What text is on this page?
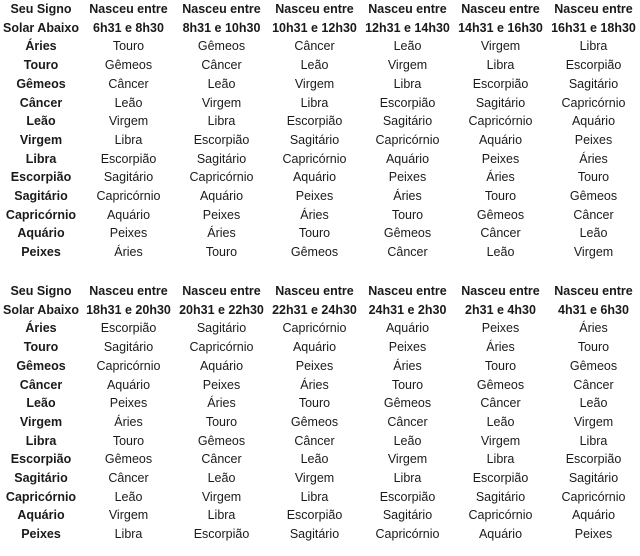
Seu Signo	Nasceu entre	Nasceu entre	Nasceu entre	Nasceu entre	Nasceu entre	Nasceu entre
Solar Abaixo	6h31 e 8h30	8h31 e 10h30	10h31 e 12h30	12h31 e 14h30	14h31 e 16h30	16h31 e 18h30
Áries	Touro	Gêmeos	Câncer	Leão	Virgem	Libra
Touro	Gêmeos	Câncer	Leão	Virgem	Libra	Escorpião
Gêmeos	Câncer	Leão	Virgem	Libra	Escorpião	Sagitário
Câncer	Leão	Virgem	Libra	Escorpião	Sagitário	Capricórnio
Leão	Virgem	Libra	Escorpião	Sagitário	Capricórnio	Aquário
Virgem	Libra	Escorpião	Sagitário	Capricórnio	Aquário	Peixes
Libra	Escorpião	Sagitário	Capricórnio	Aquário	Peixes	Áries
Escorpião	Sagitário	Capricórnio	Aquário	Peixes	Áries	Touro
Sagitário	Capricórnio	Aquário	Peixes	Áries	Touro	Gêmeos
Capricórnio	Aquário	Peixes	Áries	Touro	Gêmeos	Câncer
Aquário	Peixes	Áries	Touro	Gêmeos	Câncer	Leão
Peixes	Áries	Touro	Gêmeos	Câncer	Leão	Virgem
Seu Signo	Nasceu entre	Nasceu entre	Nasceu entre	Nasceu entre	Nasceu entre	Nasceu entre
Solar Abaixo	18h31 e 20h30	20h31 e 22h30	22h31 e 24h30	24h31 e 2h30	2h31 e 4h30	4h31 e 6h30
Áries	Escorpião	Sagitário	Capricórnio	Aquário	Peixes	Áries
Touro	Sagitário	Capricórnio	Aquário	Peixes	Áries	Touro
Gêmeos	Capricórnio	Aquário	Peixes	Áries	Touro	Gêmeos
Câncer	Aquário	Peixes	Áries	Touro	Gêmeos	Câncer
Leão	Peixes	Áries	Touro	Gêmeos	Câncer	Leão
Virgem	Áries	Touro	Gêmeos	Câncer	Leão	Virgem
Libra	Touro	Gêmeos	Câncer	Leão	Virgem	Libra
Escorpião	Gêmeos	Câncer	Leão	Virgem	Libra	Escorpião
Sagitário	Câncer	Leão	Virgem	Libra	Escorpião	Sagitário
Capricórnio	Leão	Virgem	Libra	Escorpião	Sagitário	Capricórnio
Aquário	Virgem	Libra	Escorpião	Sagitário	Capricórnio	Aquário
Peixes	Libra	Escorpião	Sagitário	Capricórnio	Aquário	Peixes
